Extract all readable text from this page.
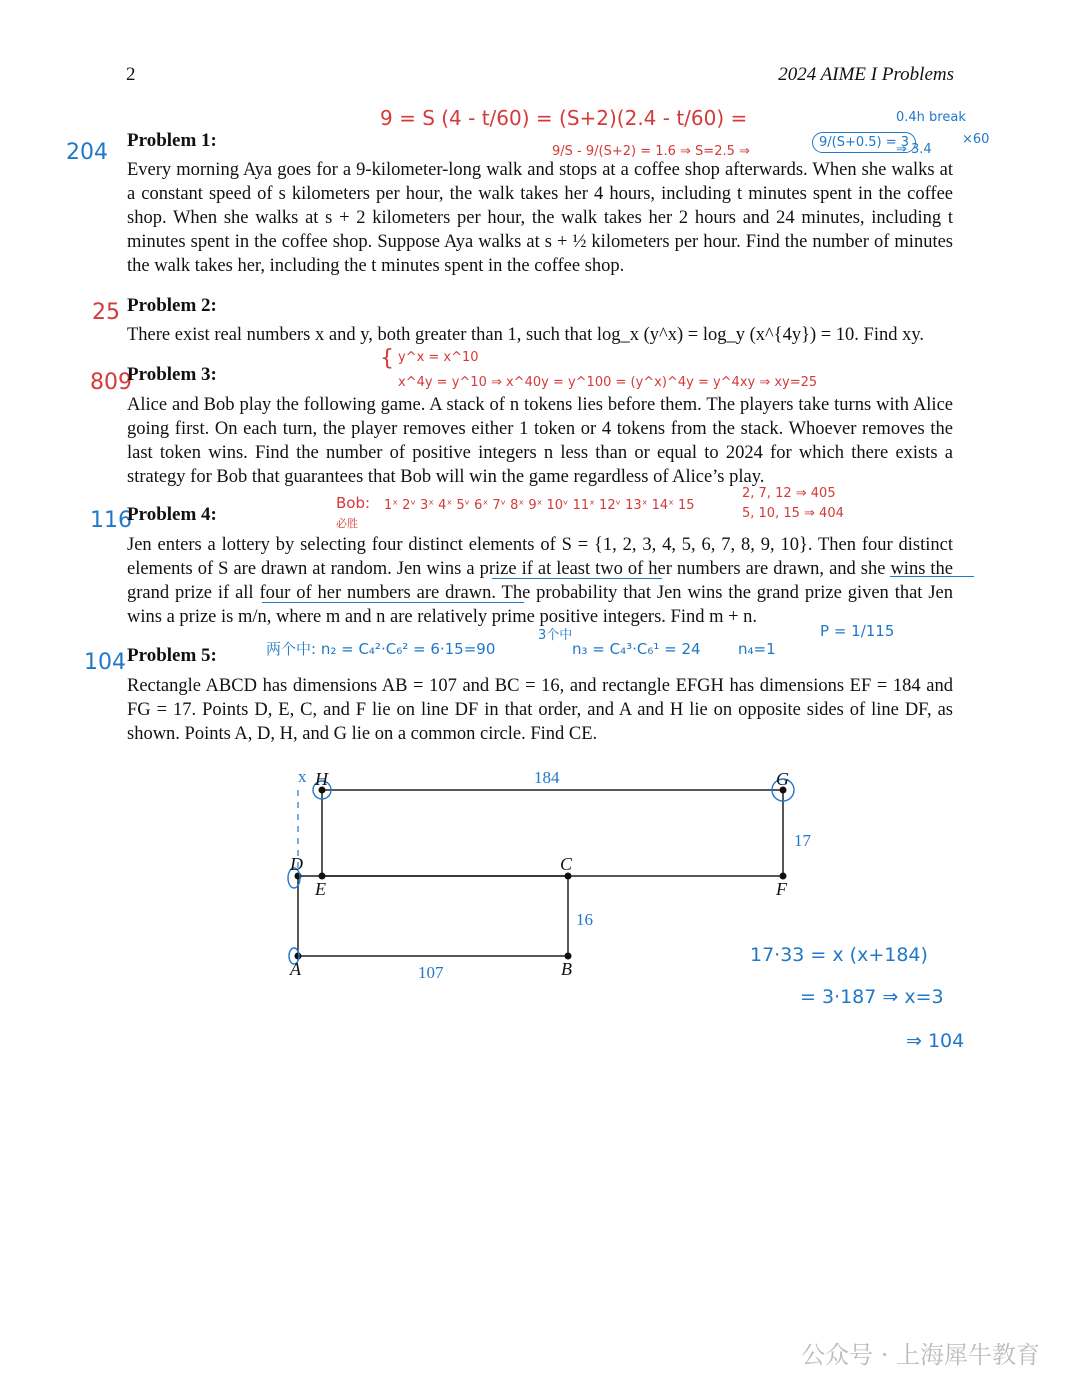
2	2024 AIME I Problems
204 Problem 1:
9 = S (4 - t/60) = (S+2)(2.4 - t/60) =	0.4h break
9/S - 9/(S+2) = 1.6 ⇒ S=2.5 ⇒
9/(S+0.5) = 3
⇒ 3.4
×60
Every morning Aya goes for a 9-kilometer-long walk and stops at a coffee shop afterwards. When she walks at a constant speed of s kilometers per hour, the walk takes her 4 hours, including t minutes spent in the coffee shop. When she walks at s + 2 kilometers per hour, the walk takes her 2 hours and 24 minutes, including t minutes spent in the coffee shop. Suppose Aya walks at s + ½ kilometers per hour. Find the number of minutes the walk takes her, including the t minutes spent in the coffee shop.
25 Problem 2:
There exist real numbers x and y, both greater than 1, such that log_x (y^x) = log_y (x^{4y}) = 10. Find xy.
809
Problem 3:
{ y^x = x^10
x^4y = y^10 ⇒ x^40y = y^100 = (y^x)^4y = y^4xy ⇒ xy=25
Alice and Bob play the following game. A stack of n tokens lies before them. The players take turns with Alice going first. On each turn, the player removes either 1 token or 4 tokens from the stack. Whoever removes the last token wins. Find the number of positive integers n less than or equal to 2024 for which there exists a strategy for Bob that guarantees that Bob will win the game regardless of Alice’s play.
116
Problem 4:
Bob:
必胜
1ˣ 2ᵛ 3ˣ 4ˣ 5ᵛ 6ˣ 7ᵛ 8ˣ 9ˣ 10ᵛ 11ˣ 12ᵛ 13ˣ 14ˣ 15
2, 7, 12 ⇒ 405
5, 10, 15 ⇒ 404
Jen enters a lottery by selecting four distinct elements of S = {1, 2, 3, 4, 5, 6, 7, 8, 9, 10}. Then four distinct elements of S are drawn at random. Jen wins a prize if at least two of her numbers are drawn, and she wins the grand prize if all four of her numbers are drawn. The probability that Jen wins the grand prize given that Jen wins a prize is m/n, where m and n are relatively prime positive integers. Find m + n.
104 Problem 5:	两个中: n₂ = C₄²·C₆² = 6·15=90
3个中
n₃ = C₄³·C₆¹ = 24 n₄=1
P = 1/115
Rectangle ABCD has dimensions AB = 107 and BC = 16, and rectangle EFGH has dimensions EF = 184 and FG = 17. Points D, E, C, and F lie on line DF in that order, and A and H lie on opposite sides of line DF, as shown. Points A, D, H, and G lie on a common circle. Find CE.
H	G
D	C
E	F
A	B
x	184
17
16
107
17·33 = x (x+184)
= 3·187 ⇒ x=3
⇒ 104
公众号 · 上海犀牛教育
